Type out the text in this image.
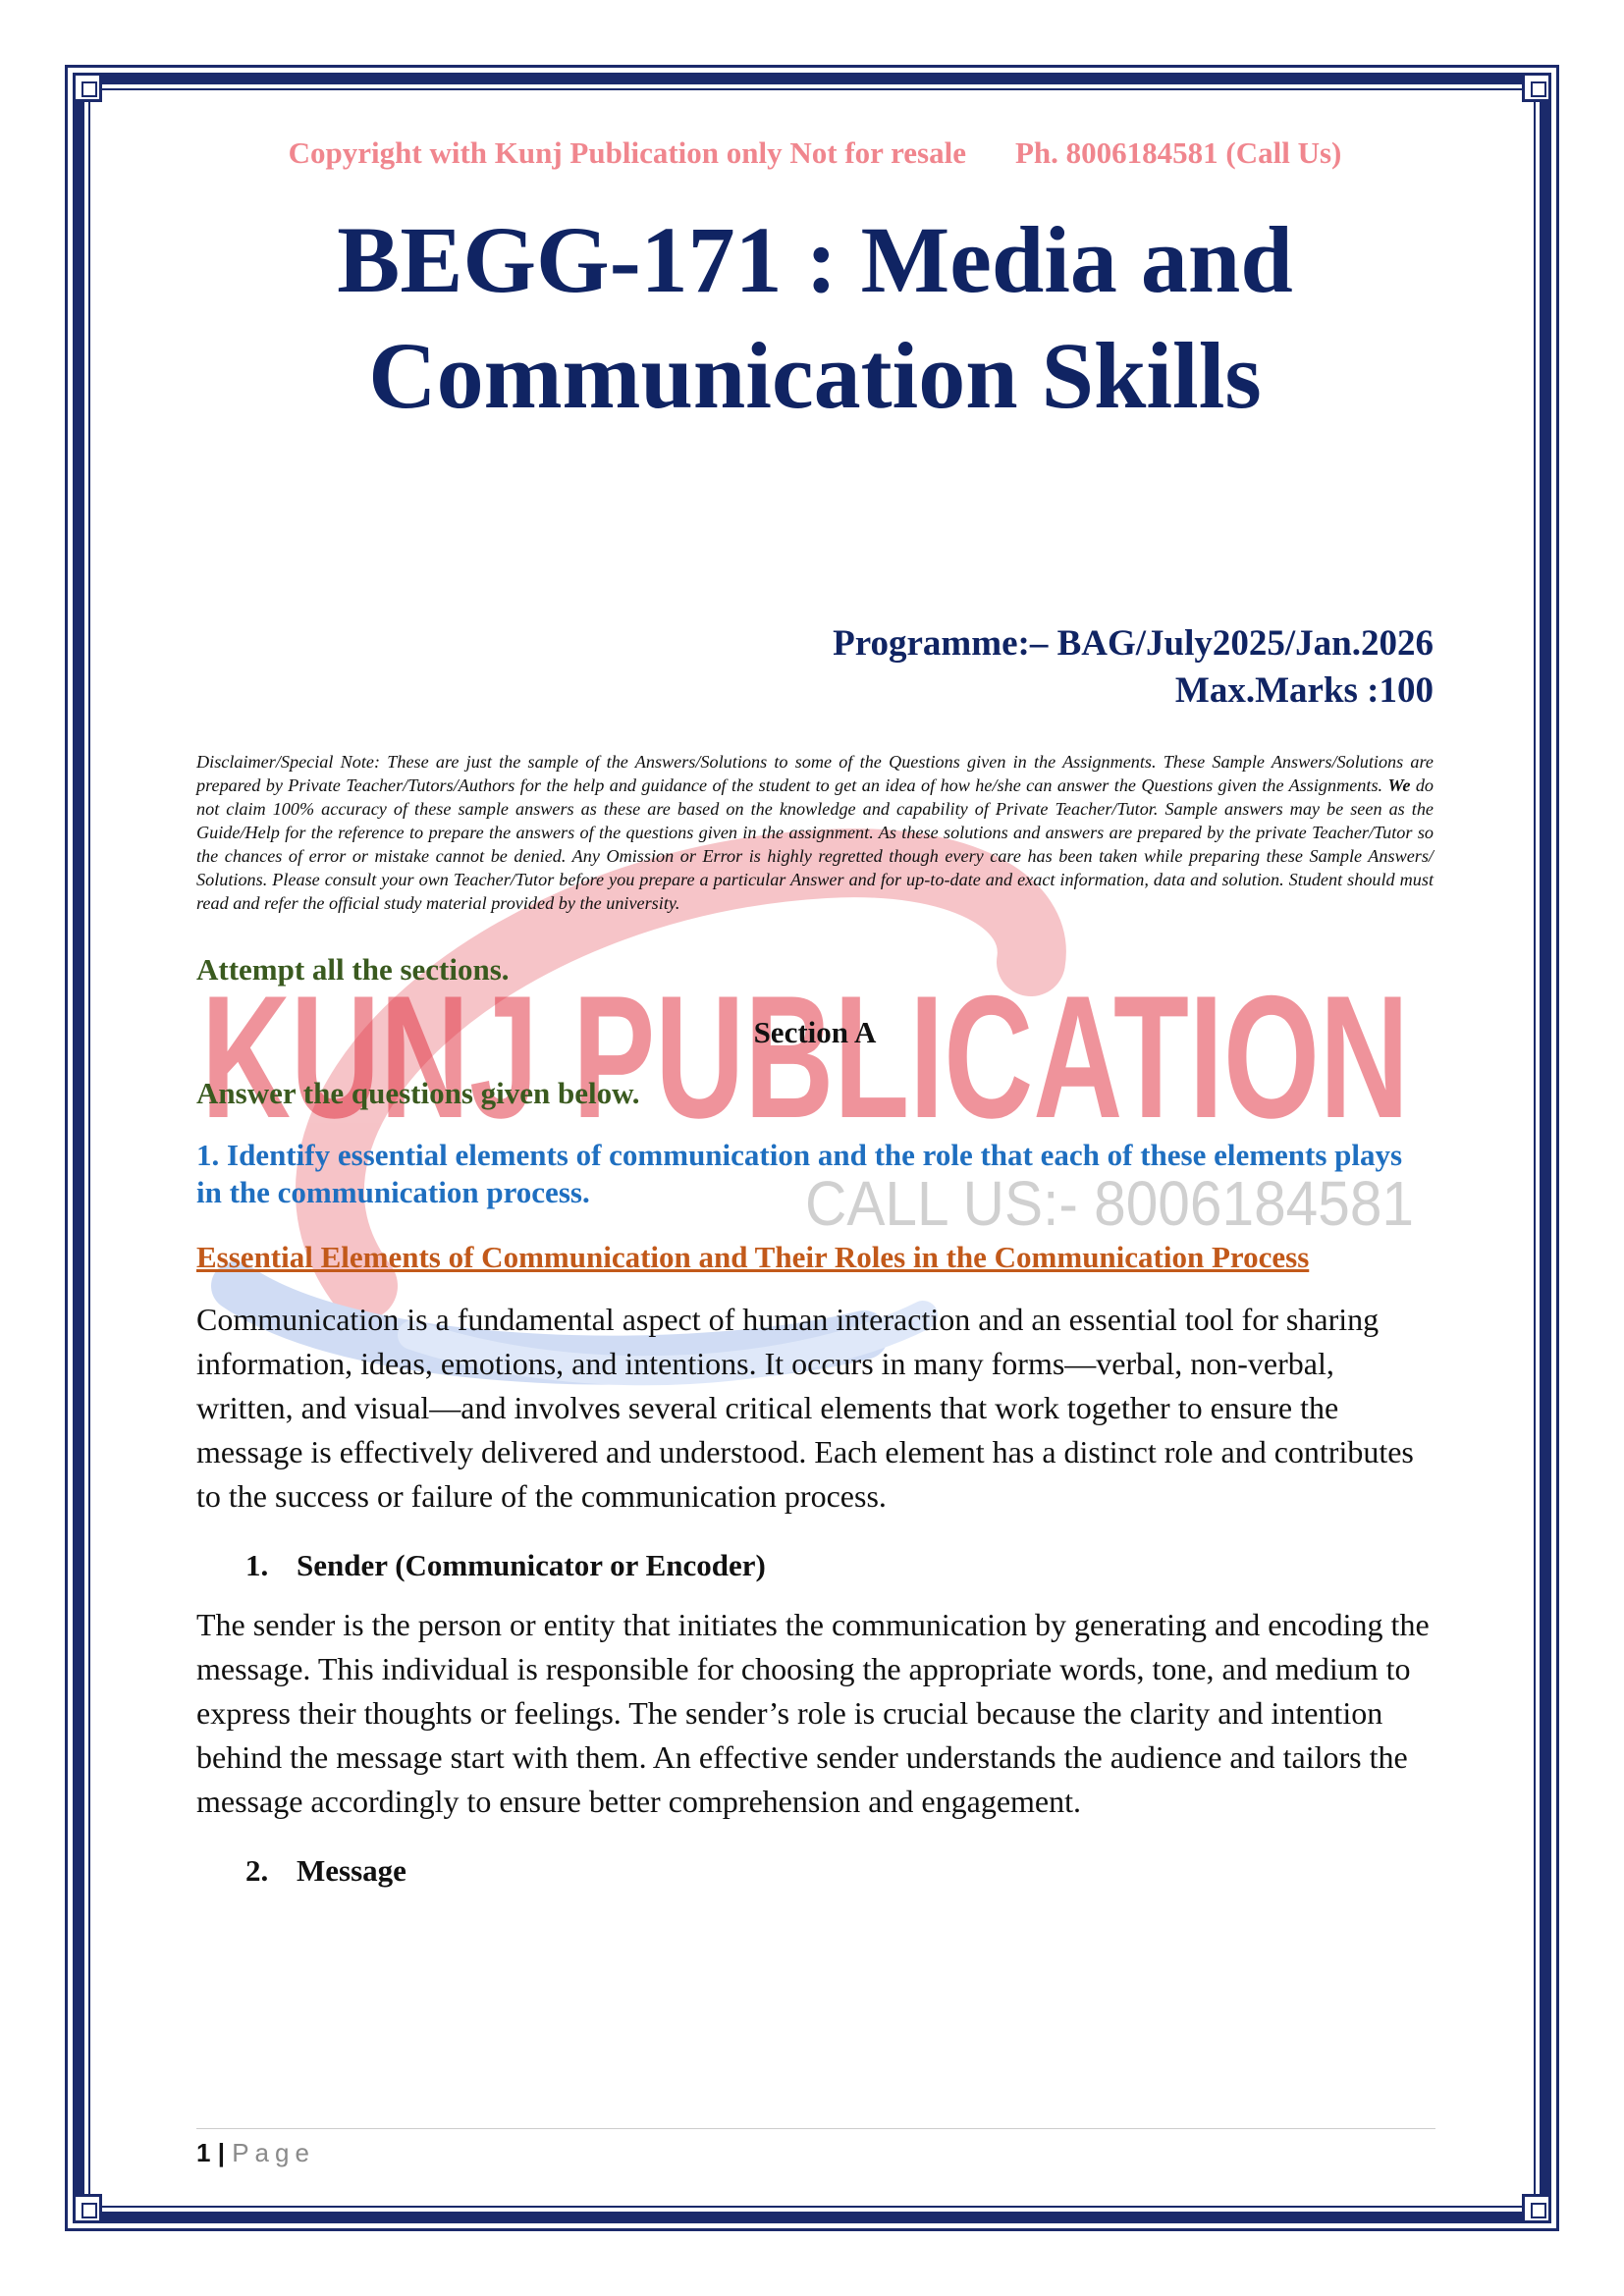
KUNJ PUBLICATION
CALL US:- 8006184581

Copyright with Kunj Publication only Not for resale Ph. 8006184581 (Call Us)

BEGG-171 : Media and
Communication Skills
Programme:– BAG/July2025/Jan.2026
Max.Marks :100

Disclaimer/Special Note: These are just the sample of the Answers/Solutions to some of the Questions given in the Assignments. These Sample Answers/Solutions are prepared by Private Teacher/Tutors/Authors for the help and guidance of the student to get an idea of how he/she can answer the Questions given the Assignments. We do not claim 100% accuracy of these sample answers as these are based on the knowledge and capability of Private Teacher/Tutor. Sample answers may be seen as the Guide/Help for the reference to prepare the answers of the questions given in the assignment. As these solutions and answers are prepared by the private Teacher/Tutor so the chances of error or mistake cannot be denied. Any Omission or Error is highly regretted though every care has been taken while preparing these Sample Answers/ Solutions. Please consult your own Teacher/Tutor before you prepare a particular Answer and for up-to-date and exact information, data and solution. Student should must read and refer the official study material provided by the university.

Attempt all the sections.

Section A

Answer the questions given below.

1. Identify essential elements of communication and the role that each of these elements plays in the communication process.

Essential Elements of Communication and Their Roles in the Communication Process

Communication is a fundamental aspect of human interaction and an essential tool for sharing information, ideas, emotions, and intentions. It occurs in many forms—verbal, non-verbal, written, and visual—and involves several critical elements that work together to ensure the message is effectively delivered and understood. Each element has a distinct role and contributes to the success or failure of the communication process.

1. Sender (Communicator or Encoder)

The sender is the person or entity that initiates the communication by generating and encoding the message. This individual is responsible for choosing the appropriate words, tone, and medium to express their thoughts or feelings. The sender’s role is crucial because the clarity and intention behind the message start with them. An effective sender understands the audience and tailors the message accordingly to ensure better comprehension and engagement.

2. Message
1 | Page
